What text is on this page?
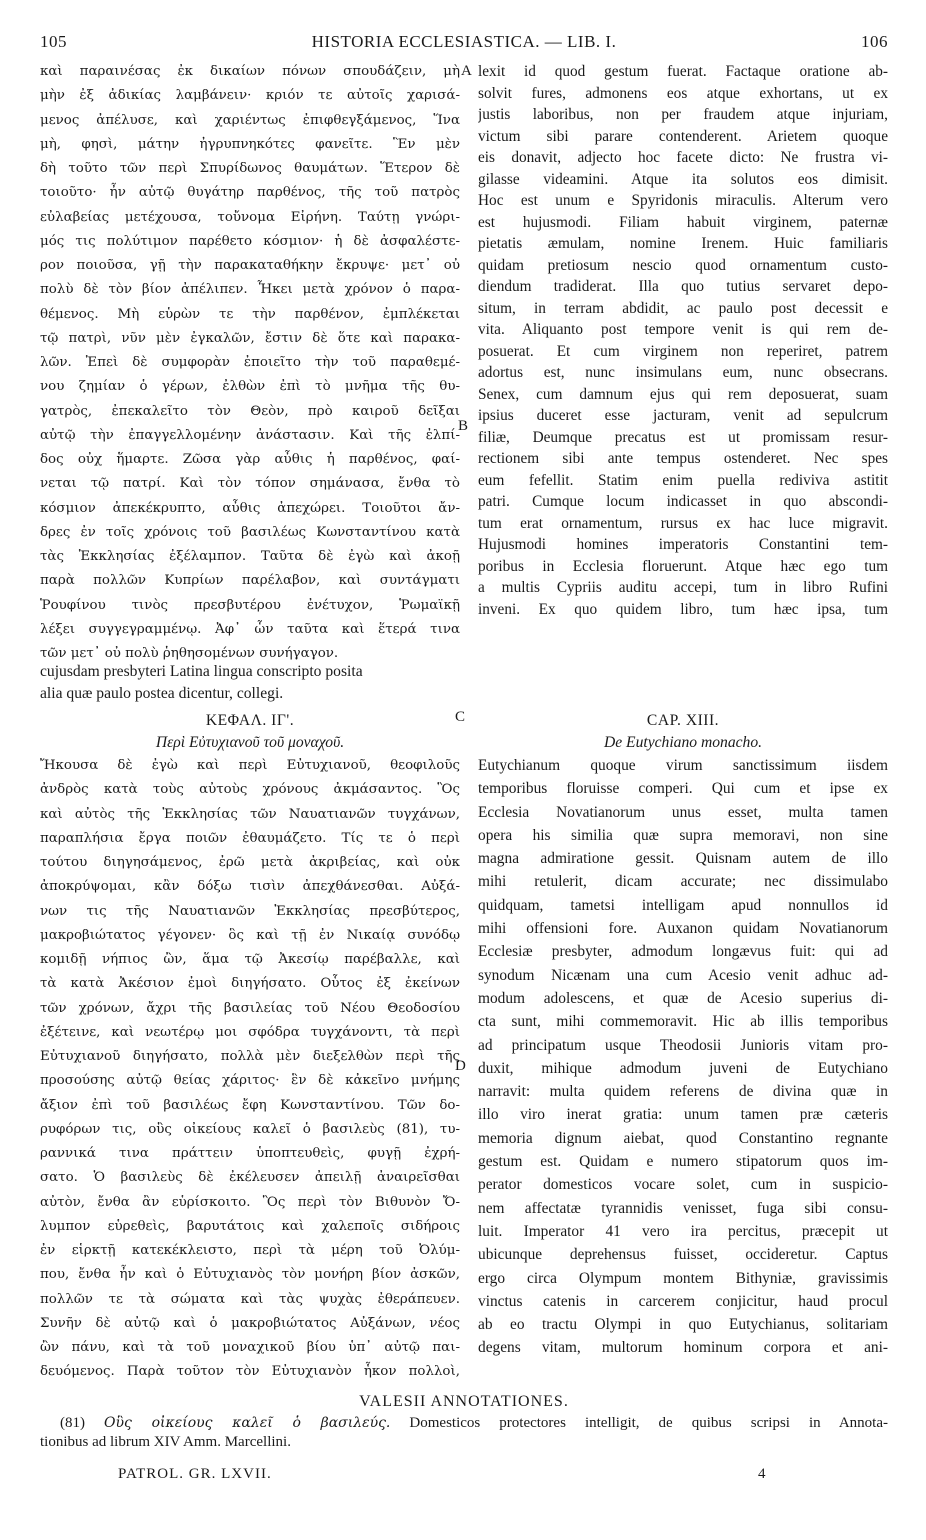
105	HISTORIA ECCLESIASTICA. — LIB. I.	106
καὶ παραινέσας ἐκ δικαίων πόνων σπουδάζειν, μὴ
μὴν ἐξ ἀδικίας λαμβάνειν· κριόν τε αὐτοῖς χαρισά-
μενος ἀπέλυσε, καὶ χαριέντως ἐπιφθεγξάμενος, Ἵνα
μὴ, φησὶ, μάτην ἠγρυπνηκότες φανεῖτε. Ἓν μὲν
δὴ τοῦτο τῶν περὶ Σπυρίδωνος θαυμάτων. Ἕτερον δὲ
τοιοῦτο· ἦν αὐτῷ θυγάτηρ παρθένος, τῆς τοῦ πατρὸς
εὐλαβείας μετέχουσα, τοὔνομα Εἰρήνη. Ταύτῃ γνώρι-
μός τις πολύτιμον παρέθετο κόσμιον· ἡ δὲ ἀσφαλέστε-
ρον ποιοῦσα, γῇ τὴν παρακαταθήκην ἔκρυψε· μετ᾽ οὐ
πολὺ δὲ τὸν βίον ἀπέλιπεν. Ἧκει μετὰ χρόνον ὁ παρα-
θέμενος. Μὴ εὑρὼν τε τὴν παρθένον, ἐμπλέκεται
τῷ πατρὶ, νῦν μὲν ἐγκαλῶν, ἔστιν δὲ ὅτε καὶ παρακα-
λῶν. Ἐπεὶ δὲ συμφορὰν ἐποιεῖτο τὴν τοῦ παραθεμέ-
νου ζημίαν ὁ γέρων, ἐλθὼν ἐπὶ τὸ μνῆμα τῆς θυ-
γατρὸς, ἐπεκαλεῖτο τὸν Θεὸν, πρὸ καιροῦ δεῖξαι
αὐτῷ τὴν ἐπαγγελλομένην ἀνάστασιν. Καὶ τῆς ἐλπί-
δος οὐχ ἥμαρτε. Ζῶσα γὰρ αὖθις ἡ παρθένος, φαί-
νεται τῷ πατρί. Καὶ τὸν τόπον σημάνασα, ἔνθα τὸ
κόσμιον ἀπεκέκρυπτο, αὖθις ἀπεχώρει. Τοιοῦτοι ἄν-
δρες ἐν τοῖς χρόνοις τοῦ βασιλέως Κωνσταντίνου κατὰ
τὰς Ἐκκλησίας ἐξέλαμπον. Ταῦτα δὲ ἐγὼ καὶ ἀκοῇ
παρὰ πολλῶν Κυπρίων παρέλαβον, καὶ συντάγματι
Ῥουφίνου τινὸς πρεσβυτέρου ἐνέτυχον, Ῥωμαϊκῇ
λέξει συγγεγραμμένῳ. Ἀφ᾽ ὧν ταῦτα καὶ ἕτερά τινα
τῶν μετ᾽ οὐ πολὺ ῥηθησομένων συνήγαγον.
lexit id quod gestum fuerat. Factaque oratione ab-
solvit fures, admonens eos atque exhortans, ut ex
justis laboribus, non per fraudem atque injuriam,
victum sibi parare contenderent. Arietem quoque
eis donavit, adjecto hoc facete dicto: Ne frustra vi-
gilasse videamini. Atque ita solutos eos dimisit.
Hoc est unum e Spyridonis miraculis. Alterum vero
est hujusmodi. Filiam habuit virginem, paternæ
pietatis æmulam, nomine Irenem. Huic familiaris
quidam pretiosum nescio quod ornamentum custo-
diendum tradiderat. Illa quo tutius servaret depo-
situm, in terram abdidit, ac paulo post decessit e
vita. Aliquanto post tempore venit is qui rem de-
posuerat. Et cum virginem non reperiret, patrem
adortus est, nunc insimulans eum, nunc obsecrans.
Senex, cum damnum ejus qui rem deposuerat, suam
ipsius duceret esse jacturam, venit ad sepulcrum
filiæ, Deumque precatus est ut promissam resur-
rectionem sibi ante tempus ostenderet. Nec spes
eum fefellit. Statim enim puella rediviva astitit
patri. Cumque locum indicasset in quo abscondi-
tum erat ornamentum, rursus ex hac luce migravit.
Hujusmodi homines imperatoris Constantini tem-
poribus in Ecclesia floruerunt. Atque hæc ego tum
a multis Cypriis auditu accepi, tum in libro Rufini
inveni. Ex quo quidem libro, tum hæc ipsa, tum
A
B
C
D
cujusdam presbyteri Latina lingua conscripto posita
alia quæ paulo postea dicentur, collegi.
ΚΕΦΑΛ. ΙΓ'.
Περὶ Εὐτυχιανοῦ τοῦ μοναχοῦ.
Ἤκουσα δὲ ἐγὼ καὶ περὶ Εὐτυχιανοῦ, θεοφιλοῦς
ἀνδρὸς κατὰ τοὺς αὐτοὺς χρόνους ἀκμάσαντος. Ὃς
καὶ αὐτὸς τῆς Ἐκκλησίας τῶν Ναυατιανῶν τυγχάνων,
παραπλήσια ἔργα ποιῶν ἐθαυμάζετο. Τίς τε ὁ περὶ
τούτου διηγησάμενος, ἐρῶ μετὰ ἀκριβείας, καὶ οὐκ
ἀποκρύψομαι, κἂν δόξω τισὶν ἀπεχθάνεσθαι. Αὐξά-
νων τις τῆς Ναυατιανῶν Ἐκκλησίας πρεσβύτερος,
μακροβιώτατος γέγονεν· ὃς καὶ τῇ ἐν Νικαίᾳ συνόδῳ
κομιδῇ νήπιος ὢν, ἅμα τῷ Ἀκεσίῳ παρέβαλλε, καὶ
τὰ κατὰ Ἀκέσιον ἐμοὶ διηγήσατο. Οὗτος ἐξ ἐκείνων
τῶν χρόνων, ἄχρι τῆς βασιλείας τοῦ Νέου Θεοδοσίου
ἐξέτεινε, καὶ νεωτέρῳ μοι σφόδρα τυγχάνοντι, τὰ περὶ
Εὐτυχιανοῦ διηγήσατο, πολλὰ μὲν διεξελθὼν περὶ τῆς
προσούσης αὐτῷ θείας χάριτος· ἓν δὲ κἀκεῖνο μνήμης
ἄξιον ἐπὶ τοῦ βασιλέως ἔφη Κωνσταντίνου. Τῶν δο-
ρυφόρων τις, οὓς οἰκείους καλεῖ ὁ βασιλεὺς (81), τυ-
ραννικά τινα πράττειν ὑποπτευθεὶς, φυγῇ ἐχρή-
σατο. Ὁ βασιλεὺς δὲ ἐκέλευσεν ἀπειλῇ ἀναιρεῖσθαι
αὐτὸν, ἔνθα ἂν εὑρίσκοιτο. Ὃς περὶ τὸν Βιθυνὸν Ὄ-
λυμπον εὑρεθεὶς, βαρυτάτοις καὶ χαλεποῖς σιδήροις
ἐν εἱρκτῇ κατεκέκλειστο, περὶ τὰ μέρη τοῦ Ὀλύμ-
που, ἔνθα ἦν καὶ ὁ Εὐτυχιανὸς τὸν μονήρη βίον ἀσκῶν,
πολλῶν τε τὰ σώματα καὶ τὰς ψυχὰς ἐθεράπευεν.
Συνῆν δὲ αὐτῷ καὶ ὁ μακροβιώτατος Αὐξάνων, νέος
ὢν πάνυ, καὶ τὰ τοῦ μοναχικοῦ βίου ὑπ᾽ αὐτῷ παι-
δευόμενος. Παρὰ τοῦτον τὸν Εὐτυχιανὸν ἧκον πολλοὶ,
CAP. XIII.
De Eutychiano monacho.
Eutychianum quoque virum sanctissimum iisdem
temporibus floruisse comperi. Qui cum et ipse ex
Ecclesia Novatianorum unus esset, multa tamen
opera his similia quæ supra memoravi, non sine
magna admiratione gessit. Quisnam autem de illo
mihi retulerit, dicam accurate; nec dissimulabo
quidquam, tametsi intelligam apud nonnullos id
mihi offensioni fore. Auxanon quidam Novatianorum
Ecclesiæ presbyter, admodum longævus fuit: qui ad
synodum Nicænam una cum Acesio venit adhuc ad-
modum adolescens, et quæ de Acesio superius di-
cta sunt, mihi commemoravit. Hic ab illis temporibus
ad principatum usque Theodosii Junioris vitam pro-
duxit, mihique admodum juveni de Eutychiano
narravit: multa quidem referens de divina quæ in
illo viro inerat gratia: unum tamen præ cæteris
memoria dignum aiebat, quod Constantino regnante
gestum est. Quidam e numero stipatorum quos im-
perator domesticos vocare solet, cum in suspicio-
nem affectatæ tyrannidis venisset, fuga sibi consu-
luit. Imperator 41 vero ira percitus, præcepit ut
ubicunque deprehensus fuisset, occideretur. Captus
ergo circa Olympum montem Bithyniæ, gravissimis
vinctus catenis in carcerem conjicitur, haud procul
ab eo tractu Olympi in quo Eutychianus, solitariam
degens vitam, multorum hominum corpora et ani-
VALESII ANNOTATIONES.
(81) Οὓς οἰκείους καλεῖ ὁ βασιλεύς. Domesticos protectores intelligit, de quibus scripsi in Annota-
tionibus ad librum XIV Amm. Marcellini.
PATROL. GR. LXVII.	4
